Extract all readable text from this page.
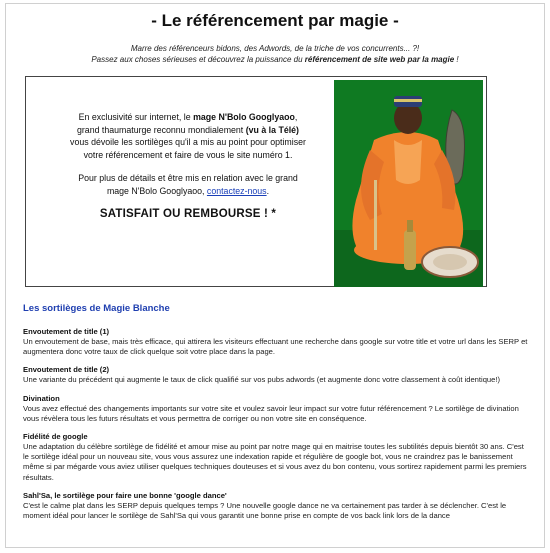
- Le référencement par magie -
Marre des référenceurs bidons, des Adwords, de la triche de vos concurrents... ?!
Passez aux choses sérieuses et découvrez la puissance du référencement de site web par la magie !

En exclusivité sur internet, le mage N'Bolo Googlyaoo, grand thaumaturge reconnu mondialement (vu à la Télé) vous dévoile les sortilèges qu'il a mis au point pour optimiser votre référencement et faire de vous le site numéro 1.

Pour plus de détails et être mis en relation avec le grand mage N'Bolo Googlyaoo, contactez-nous.

SATISFAIT OU REMBOURSE ! *

Les sortilèges de Magie Blanche
Envoutement de title (1)
Un envoutement de base, mais très efficace, qui attirera les visiteurs effectuant une recherche dans google sur votre title et votre url dans les SERP et augmentera donc votre taux de click quelque soit votre place dans la page.
Envoutement de title (2)
Une variante du précédent qui augmente le taux de click qualifié sur vos pubs adwords (et augmente donc votre classement à coût identique!)
Divination
Vous avez effectué des changements importants sur votre site et voulez savoir leur impact sur votre futur référencement ? Le sortilège de divination vous révèlera tous les futurs résultats et vous permettra de corriger ou non votre site en conséquence.
Fidélité de google
Une adaptation du célèbre sortilège de fidélité et amour mise au point par notre mage qui en maitrise toutes les subtilités depuis bientôt 30 ans. C'est le sortilège idéal pour un nouveau site, vous vous assurez une indexation rapide et régulière de google bot, vous ne craindrez pas le banissement même si par mégarde vous aviez utiliser quelques techniques douteuses et si vous avez du bon contenu, vous sortirez rapidement parmi les premiers résultats.
Sahl'Sa, le sortilège pour faire une bonne 'google dance'
C'est le calme plat dans les SERP depuis quelques temps ? Une nouvelle google dance ne va certainement pas tarder à se déclencher. C'est le moment idéal pour lancer le sortilège de Sahl'Sa qui vous garantit une bonne prise en compte de vos back link lors de la dance
